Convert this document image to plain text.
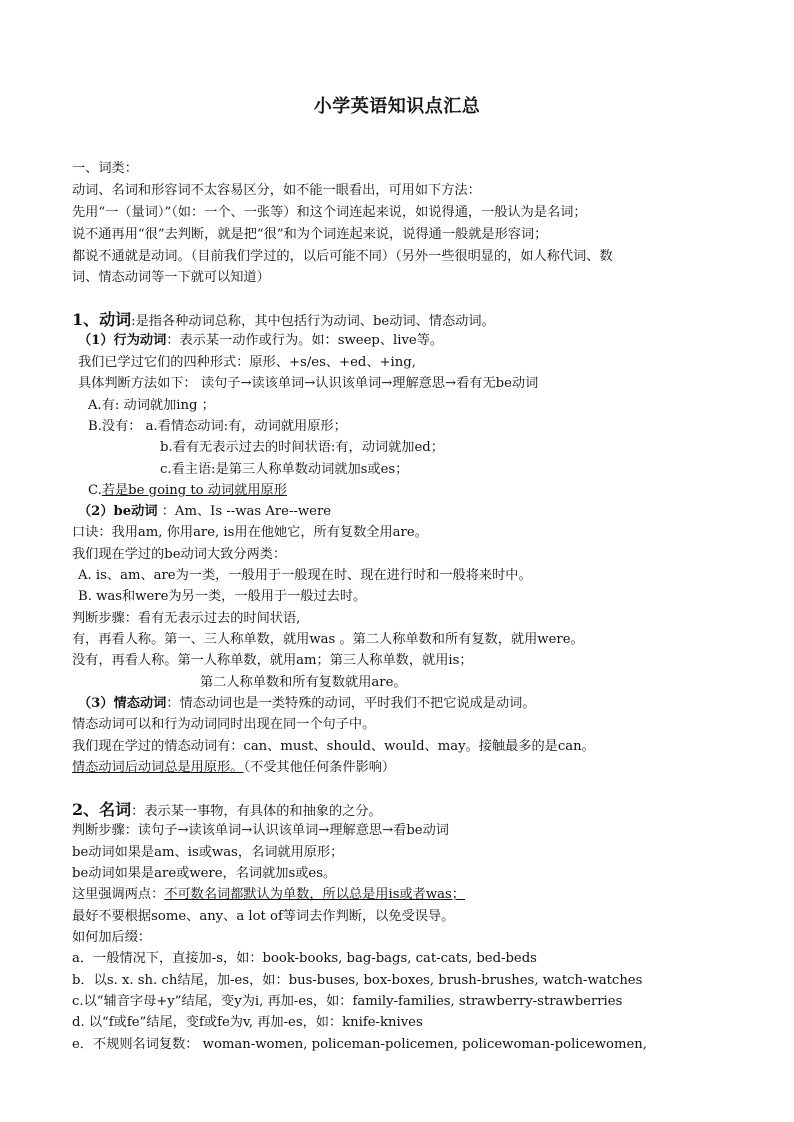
小学英语知识点汇总
一、词类：
动词、名词和形容词不太容易区分，如不能一眼看出，可用如下方法：
先用“一（量词）”（如：一个、一张等）和这个词连起来说，如说得通，一般认为是名词；
说不通再用“很”去判断，就是把“很”和为个词连起来说，说得通一般就是形容词；
都说不通就是动词。（目前我们学过的，以后可能不同）（另外一些很明显的，如人称代词、数
词、情态动词等一下就可以知道）
1、动词:是指各种动词总称，其中包括行为动词、be动词、情态动词。
（1）行为动词：表示某一动作或行为。如：sweep、live等。
我们已学过它们的四种形式：原形、+s/es、+ed、+ing,
具体判断方法如下： 读句子→读该单词→认识该单词→理解意思→看有无be动词
A.有: 动词就加ing ；
B.没有： a.看情态动词:有，动词就用原形；
b.看有无表示过去的时间状语:有，动词就加ed；
c.看主语:是第三人称单数动词就加s或es；
C.若是be going to 动词就用原形
（2）be动词 ：Am、Is --was Are--were
口诀：我用am, 你用are, is用在他她它，所有复数全用are。
我们现在学过的be动词大致分两类：
A. is、am、are为一类，一般用于一般现在时、现在进行时和一般将来时中。
B. was和were为另一类，一般用于一般过去时。
判断步骤：看有无表示过去的时间状语,
有，再看人称。第一、三人称单数，就用was 。第二人称单数和所有复数，就用were。
没有，再看人称。第一人称单数，就用am；第三人称单数，就用is；
第二人称单数和所有复数就用are。
（3）情态动词：情态动词也是一类特殊的动词，平时我们不把它说成是动词。
情态动词可以和行为动词同时出现在同一个句子中。
我们现在学过的情态动词有：can、must、should、would、may。接触最多的是can。
情态动词后动词总是用原形。（不受其他任何条件影响）
2、名词：表示某一事物，有具体的和抽象的之分。
判断步骤：读句子→读该单词→认识该单词→理解意思→看be动词
be动词如果是am、is或was，名词就用原形；
be动词如果是are或were，名词就加s或es。
这里强调两点：不可数名词都默认为单数，所以总是用is或者was；
最好不要根据some、any、a lot of等词去作判断，以免受误导。
如何加后缀：
a．一般情况下，直接加-s，如：book-books, bag-bags, cat-cats, bed-beds
b．以s. x. sh. ch结尾，加-es，如：bus-buses, box-boxes, brush-brushes, watch-watches
c.以“辅音字母+y”结尾，变y为i, 再加-es，如：family-families, strawberry-strawberries
d. 以“f或fe”结尾，变f或fe为v, 再加-es，如：knife-knives
e．不规则名词复数： woman-women, policeman-policemen, policewoman-policewomen,
